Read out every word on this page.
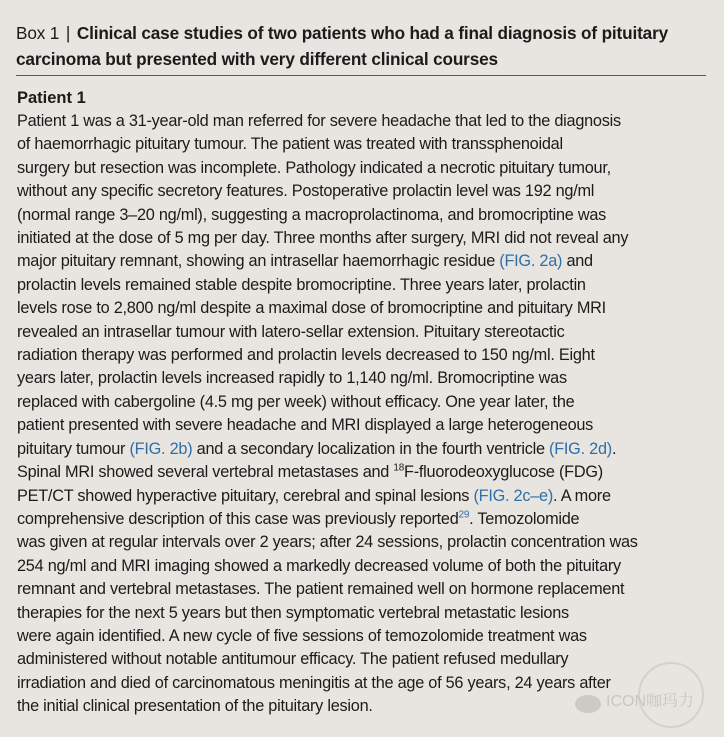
Box 1 | Clinical case studies of two patients who had a final diagnosis of pituitary carcinoma but presented with very different clinical courses
Patient 1
Patient 1 was a 31-year-old man referred for severe headache that led to the diagnosis
of haemorrhagic pituitary tumour. The patient was treated with transsphenoidal
surgery but resection was incomplete. Pathology indicated a necrotic pituitary tumour,
without any specific secretory features. Postoperative prolactin level was 192 ng/ml
(normal range 3–20 ng/ml), suggesting a macroprolactinoma, and bromocriptine was
initiated at the dose of 5 mg per day. Three months after surgery, MRI did not reveal any
major pituitary remnant, showing an intrasellar haemorrhagic residue (FIG. 2a) and
prolactin levels remained stable despite bromocriptine. Three years later, prolactin
levels rose to 2,800 ng/ml despite a maximal dose of bromocriptine and pituitary MRI
revealed an intrasellar tumour with latero-sellar extension. Pituitary stereotactic
radiation therapy was performed and prolactin levels decreased to 150 ng/ml. Eight
years later, prolactin levels increased rapidly to 1,140 ng/ml. Bromocriptine was
replaced with cabergoline (4.5 mg per week) without efficacy. One year later, the
patient presented with severe headache and MRI displayed a large heterogeneous
pituitary tumour (FIG. 2b) and a secondary localization in the fourth ventricle (FIG. 2d).
Spinal MRI showed several vertebral metastases and $^{18}$F-fluorodeoxyglucose (FDG)
PET/CT showed hyperactive pituitary, cerebral and spinal lesions (FIG. 2c–e). A more
comprehensive description of this case was previously reported$^{29}$. Temozolomide
was given at regular intervals over 2 years; after 24 sessions, prolactin concentration was
254 ng/ml and MRI imaging showed a markedly decreased volume of both the pituitary
remnant and vertebral metastases. The patient remained well on hormone replacement
therapies for the next 5 years but then symptomatic vertebral metastatic lesions
were again identified. A new cycle of five sessions of temozolomide treatment was
administered without notable antitumour efficacy. The patient refused medullary
irradiation and died of carcinomatous meningitis at the age of 56 years, 24 years after
the initial clinical presentation of the pituitary lesion.	ICON咖玛力
